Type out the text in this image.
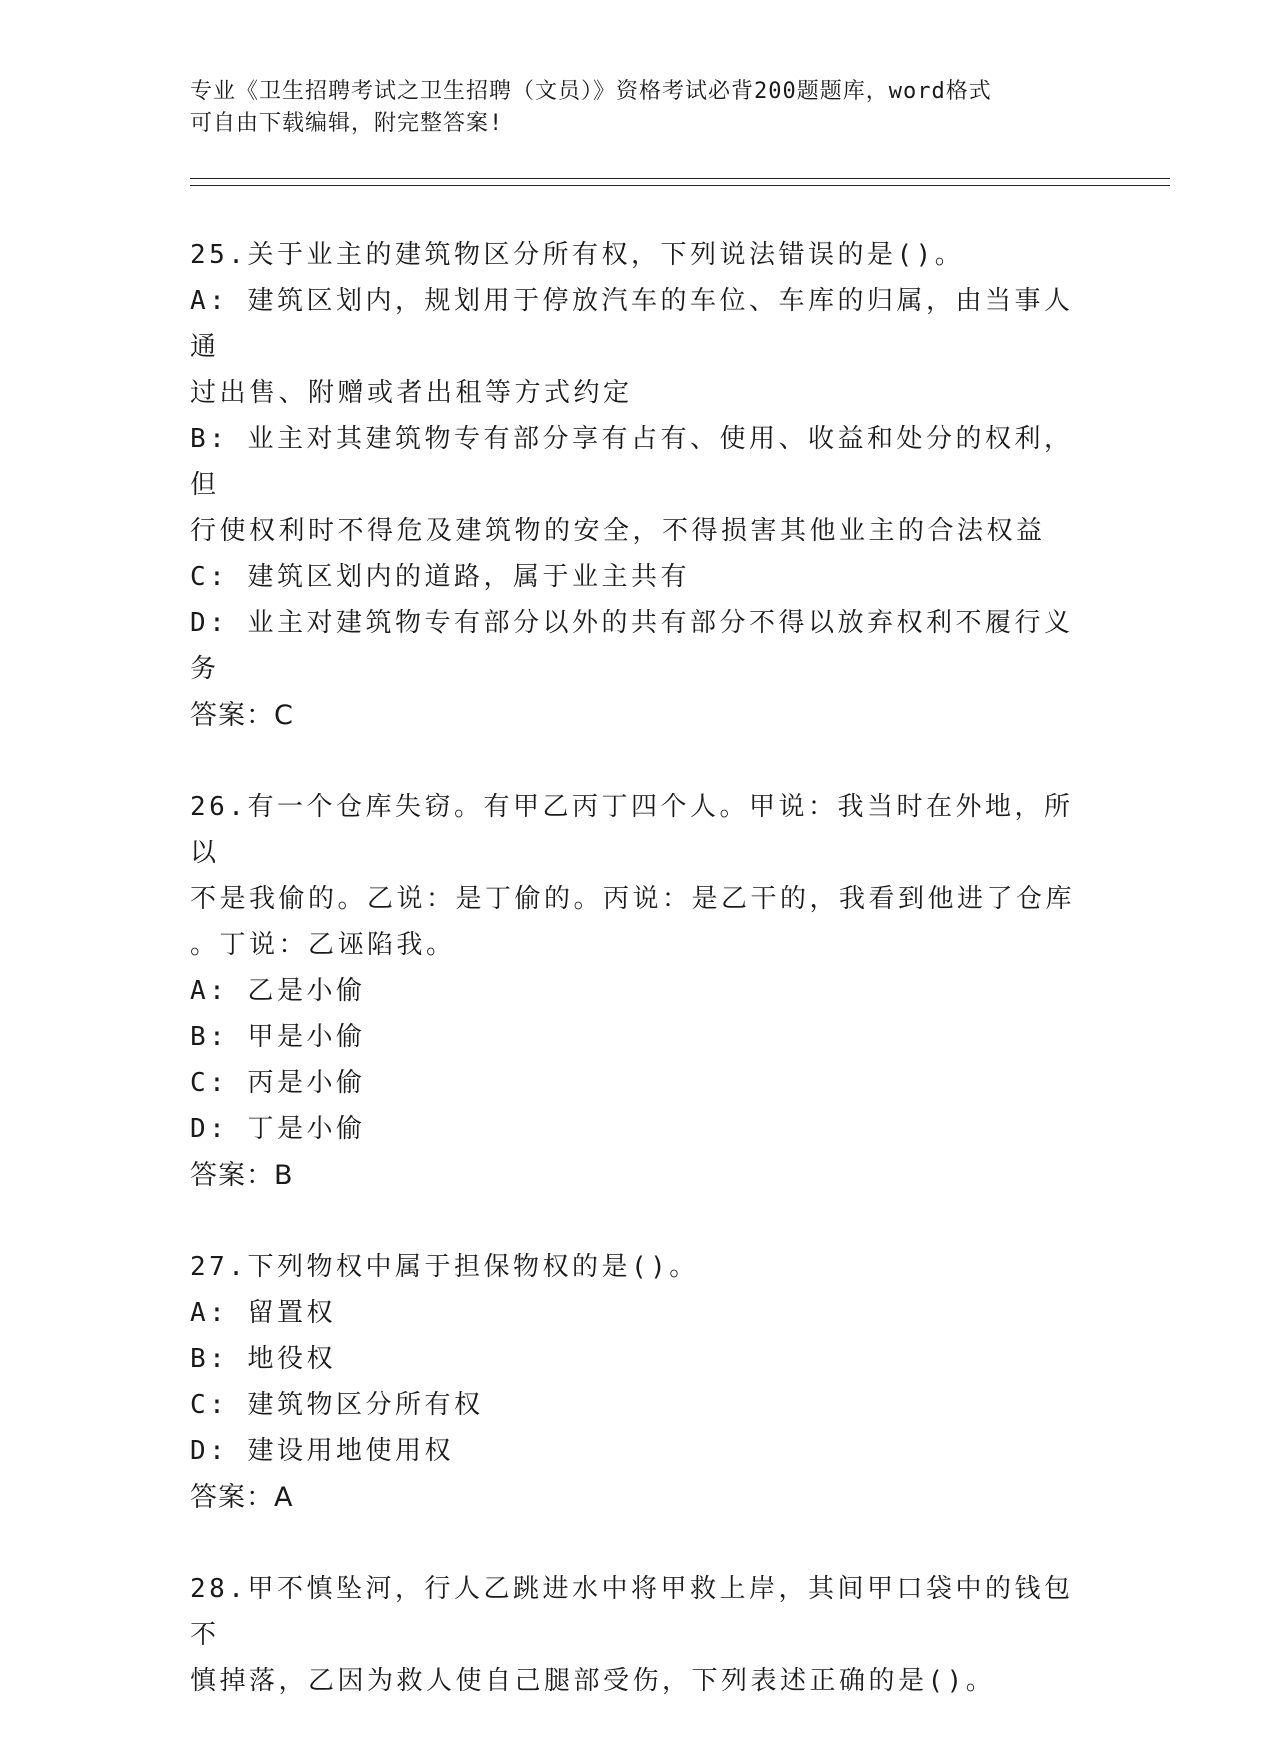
专业《卫生招聘考试之卫生招聘（文员）》资格考试必背200题题库，word格式
可自由下载编辑，附完整答案!
25.关于业主的建筑物区分所有权，下列说法错误的是()。
A: 建筑区划内，规划用于停放汽车的车位、车库的归属，由当事人通
过出售、附赠或者出租等方式约定
B: 业主对其建筑物专有部分享有占有、使用、收益和处分的权利，但
行使权利时不得危及建筑物的安全，不得损害其他业主的合法权益
C: 建筑区划内的道路，属于业主共有
D: 业主对建筑物专有部分以外的共有部分不得以放弃权利不履行义务
答案：C
26.有一个仓库失窃。有甲乙丙丁四个人。甲说：我当时在外地，所以
不是我偷的。乙说：是丁偷的。丙说：是乙干的，我看到他进了仓库
。丁说：乙诬陷我。
A: 乙是小偷
B: 甲是小偷
C: 丙是小偷
D: 丁是小偷
答案：B
27.下列物权中属于担保物权的是()。
A: 留置权
B: 地役权
C: 建筑物区分所有权
D: 建设用地使用权
答案：A
28.甲不慎坠河，行人乙跳进水中将甲救上岸，其间甲口袋中的钱包不
慎掉落，乙因为救人使自己腿部受伤，下列表述正确的是()。
